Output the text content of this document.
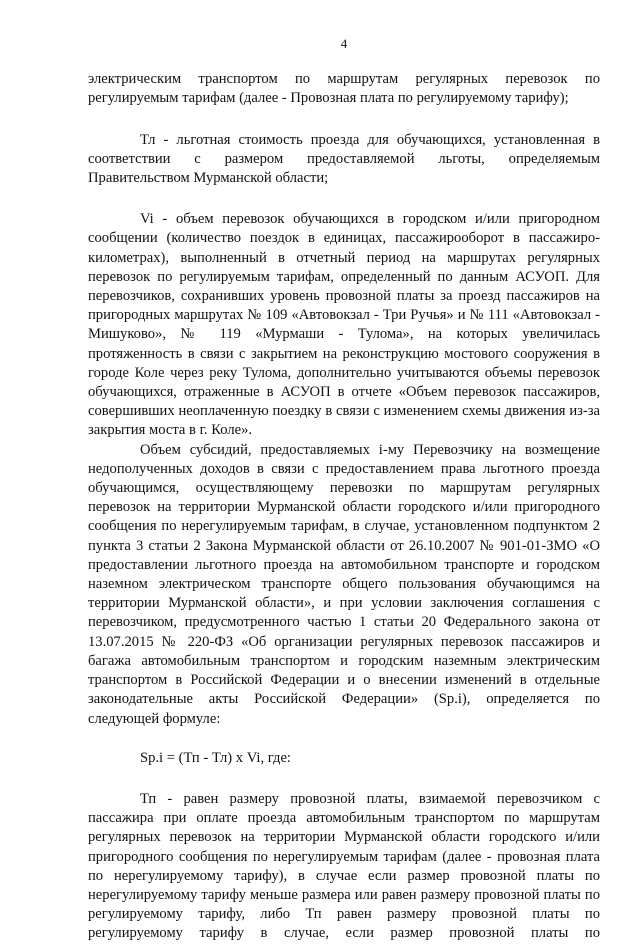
4

электрическим транспортом по маршрутам регулярных перевозок по регулируемым тарифам (далее - Провозная плата по регулируемому тарифу);

Тл - льготная стоимость проезда для обучающихся, установленная в соответствии с размером предоставляемой льготы, определяемым Правительством Мурманской области;

Vi - объем перевозок обучающихся в городском и/или пригородном сообщении (количество поездок в единицах, пассажирооборот в пассажиро-километрах), выполненный в отчетный период на маршрутах регулярных перевозок по регулируемым тарифам, определенный по данным АСУОП. Для перевозчиков, сохранивших уровень провозной платы за проезд пассажиров на пригородных маршрутах № 109 «Автовокзал - Три Ручья» и № 111 «Автовокзал - Мишуково», № 119 «Мурмаши - Тулома», на которых увеличилась протяженность в связи с закрытием на реконструкцию мостового сооружения в городе Коле через реку Тулома, дополнительно учитываются объемы перевозок обучающихся, отраженные в АСУОП в отчете «Объем перевозок пассажиров, совершивших неоплаченную поездку в связи с изменением схемы движения из-за закрытия моста в г. Коле».

Объем субсидий, предоставляемых i-му Перевозчику на возмещение недополученных доходов в связи с предоставлением права льготного проезда обучающимся, осуществляющему перевозки по маршрутам регулярных перевозок на территории Мурманской области городского и/или пригородного сообщения по нерегулируемым тарифам, в случае, установленном подпунктом 2 пункта 3 статьи 2 Закона Мурманской области от 26.10.2007 № 901-01-ЗМО «О предоставлении льготного проезда на автомобильном транспорте и городском наземном электрическом транспорте общего пользования обучающимся на территории Мурманской области», и при условии заключения соглашения с перевозчиком, предусмотренного частью 1 статьи 20 Федерального закона от 13.07.2015 № 220-ФЗ «Об организации регулярных перевозок пассажиров и багажа автомобильным транспортом и городским наземным электрическим транспортом в Российской Федерации и о внесении изменений в отдельные законодательные акты Российской Федерации» (Sp.i), определяется по следующей формуле:

Sp.i = (Тп - Тл) х Vi, где:

Тп - равен размеру провозной платы, взимаемой перевозчиком с пассажира при оплате проезда автомобильным транспортом по маршрутам регулярных перевозок на территории Мурманской области городского и/или пригородного сообщения по нерегулируемым тарифам (далее - провозная плата по нерегулируемому тарифу), в случае если размер провозной платы по нерегулируемому тарифу меньше размера или равен размеру провозной платы по регулируемому тарифу, либо Тп равен размеру провозной платы по регулируемому тарифу в случае, если размер провозной платы по
